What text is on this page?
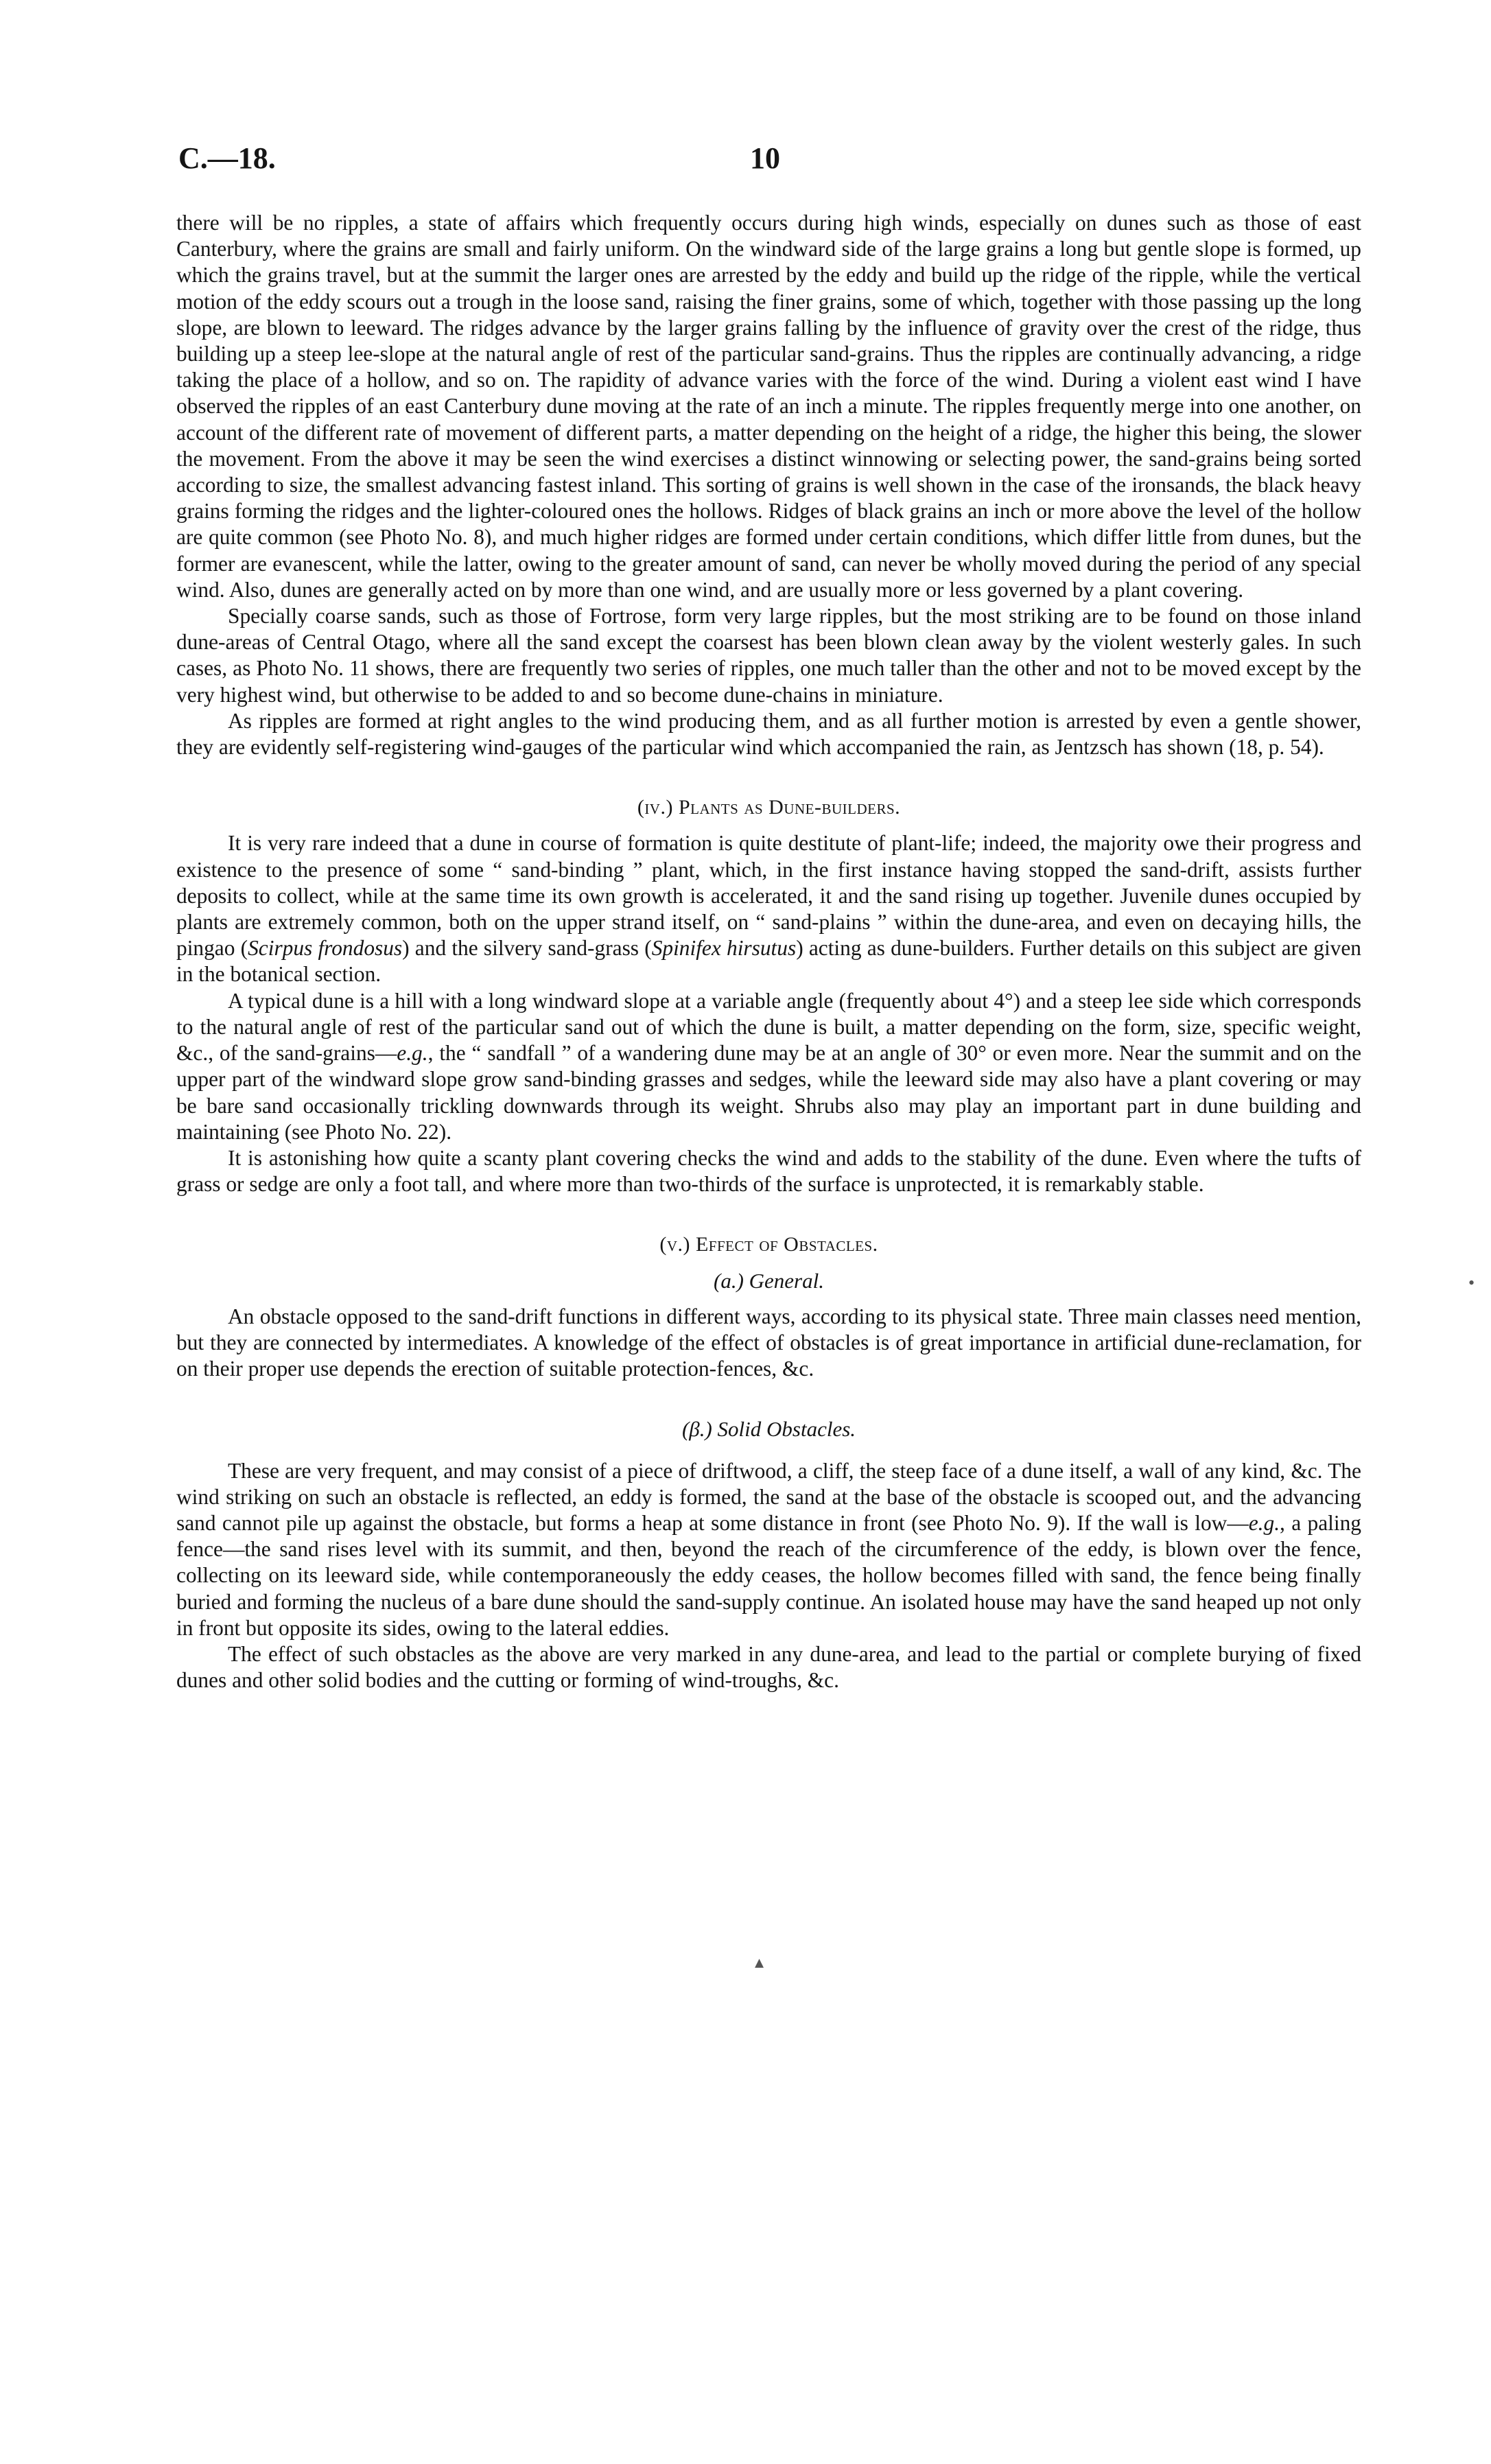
C.—18.	10

there will be no ripples, a state of affairs which frequently occurs during high winds, especially on dunes such as those of east Canterbury, where the grains are small and fairly uniform. On the windward side of the large grains a long but gentle slope is formed, up which the grains travel, but at the summit the larger ones are arrested by the eddy and build up the ridge of the ripple, while the vertical motion of the eddy scours out a trough in the loose sand, raising the finer grains, some of which, together with those passing up the long slope, are blown to leeward. The ridges advance by the larger grains falling by the influence of gravity over the crest of the ridge, thus building up a steep lee-slope at the natural angle of rest of the particular sand-grains. Thus the ripples are continually advancing, a ridge taking the place of a hollow, and so on. The rapidity of advance varies with the force of the wind. During a violent east wind I have observed the ripples of an east Canterbury dune moving at the rate of an inch a minute. The ripples frequently merge into one another, on account of the different rate of movement of different parts, a matter depending on the height of a ridge, the higher this being, the slower the movement. From the above it may be seen the wind exercises a distinct winnowing or selecting power, the sand-grains being sorted according to size, the smallest advancing fastest inland. This sorting of grains is well shown in the case of the ironsands, the black heavy grains forming the ridges and the lighter-coloured ones the hollows. Ridges of black grains an inch or more above the level of the hollow are quite common (see Photo No. 8), and much higher ridges are formed under certain conditions, which differ little from dunes, but the former are evanescent, while the latter, owing to the greater amount of sand, can never be wholly moved during the period of any special wind. Also, dunes are generally acted on by more than one wind, and are usually more or less governed by a plant covering.

Specially coarse sands, such as those of Fortrose, form very large ripples, but the most striking are to be found on those inland dune-areas of Central Otago, where all the sand except the coarsest has been blown clean away by the violent westerly gales. In such cases, as Photo No. 11 shows, there are frequently two series of ripples, one much taller than the other and not to be moved except by the very highest wind, but otherwise to be added to and so become dune-chains in miniature.

As ripples are formed at right angles to the wind producing them, and as all further motion is arrested by even a gentle shower, they are evidently self-registering wind-gauges of the particular wind which accompanied the rain, as Jentzsch has shown (18, p. 54).

(iv.) Plants as Dune-builders.

It is very rare indeed that a dune in course of formation is quite destitute of plant-life; indeed, the majority owe their progress and existence to the presence of some “ sand-binding ” plant, which, in the first instance having stopped the sand-drift, assists further deposits to collect, while at the same time its own growth is accelerated, it and the sand rising up together. Juvenile dunes occupied by plants are extremely common, both on the upper strand itself, on “ sand-plains ” within the dune-area, and even on decaying hills, the pingao (Scirpus frondosus) and the silvery sand-grass (Spinifex hirsutus) acting as dune-builders. Further details on this subject are given in the botanical section.

A typical dune is a hill with a long windward slope at a variable angle (frequently about 4°) and a steep lee side which corresponds to the natural angle of rest of the particular sand out of which the dune is built, a matter depending on the form, size, specific weight, &c., of the sand-grains—e.g., the “ sandfall ” of a wandering dune may be at an angle of 30° or even more. Near the summit and on the upper part of the windward slope grow sand-binding grasses and sedges, while the leeward side may also have a plant covering or may be bare sand occasionally trickling downwards through its weight. Shrubs also may play an important part in dune building and maintaining (see Photo No. 22).

It is astonishing how quite a scanty plant covering checks the wind and adds to the stability of the dune. Even where the tufts of grass or sedge are only a foot tall, and where more than two-thirds of the surface is unprotected, it is remarkably stable.

(v.) Effect of Obstacles.

(a.) General.

An obstacle opposed to the sand-drift functions in different ways, according to its physical state. Three main classes need mention, but they are connected by intermediates. A knowledge of the effect of obstacles is of great importance in artificial dune-reclamation, for on their proper use depends the erection of suitable protection-fences, &c.

(β.) Solid Obstacles.

These are very frequent, and may consist of a piece of driftwood, a cliff, the steep face of a dune itself, a wall of any kind, &c. The wind striking on such an obstacle is reflected, an eddy is formed, the sand at the base of the obstacle is scooped out, and the advancing sand cannot pile up against the obstacle, but forms a heap at some distance in front (see Photo No. 9). If the wall is low—e.g., a paling fence—the sand rises level with its summit, and then, beyond the reach of the circumference of the eddy, is blown over the fence, collecting on its leeward side, while contemporaneously the eddy ceases, the hollow becomes filled with sand, the fence being finally buried and forming the nucleus of a bare dune should the sand-supply continue. An isolated house may have the sand heaped up not only in front but opposite its sides, owing to the lateral eddies.

The effect of such obstacles as the above are very marked in any dune-area, and lead to the partial or complete burying of fixed dunes and other solid bodies and the cutting or forming of wind-troughs, &c.

•
▴
